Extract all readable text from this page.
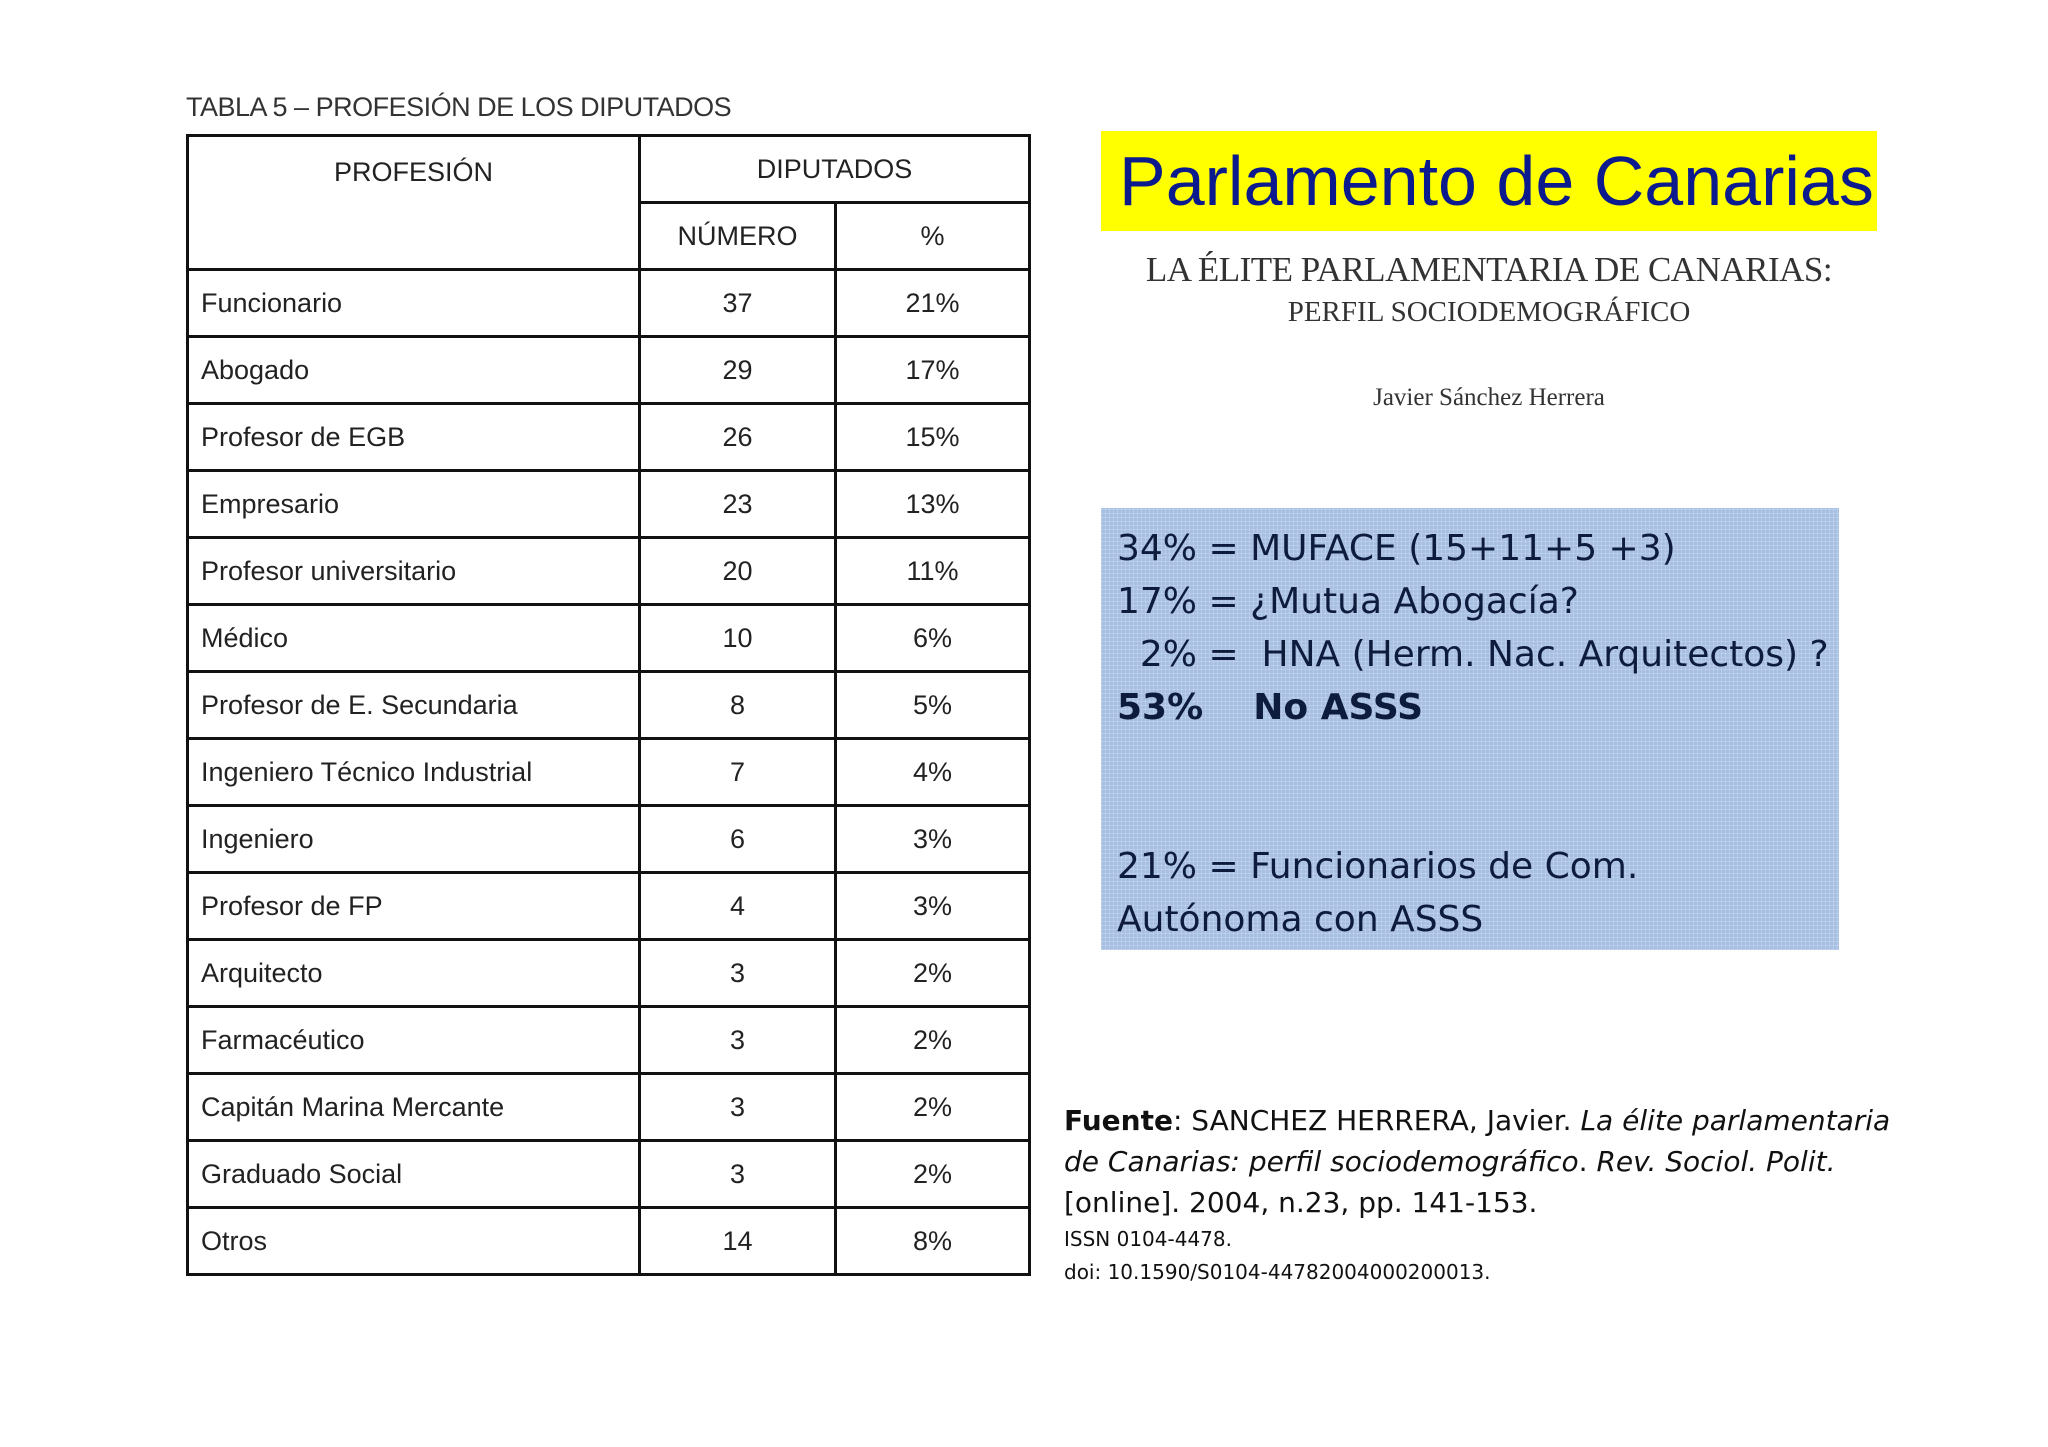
TABLA 5 – PROFESIÓN DE LOS DIPUTADOS
PROFESIÓN	DIPUTADOS	
	NÚMERO	%
Funcionario	37	21%
Abogado	29	17%
Profesor de EGB	26	15%
Empresario	23	13%
Profesor universitario	20	11%
Médico	10	6%
Profesor de E. Secundaria	8	5%
Ingeniero Técnico Industrial	7	4%
Ingeniero	6	3%
Profesor de FP	4	3%
Arquitecto	3	2%
Farmacéutico	3	2%
Capitán Marina Mercante	3	2%
Graduado Social	3	2%
Otros	14	8%
Parlamento de Canarias
LA ÉLITE PARLAMENTARIA DE CANARIAS:
PERFIL SOCIODEMOGRÁFICO
Javier Sánchez Herrera
34% = MUFACE (15+11+5 +3)
17% = ¿Mutua Abogacía?
2% =  HNA (Herm. Nac. Arquitectos) ?
53%    No ASSS
21% = Funcionarios de Com.
Autónoma con ASSS
Fuente: SANCHEZ HERRERA, Javier. La élite parlamentaria
de Canarias: perfil sociodemográfico. Rev. Sociol. Polit.
[online]. 2004, n.23, pp. 141-153.
ISSN 0104-4478.
doi: 10.1590/S0104-44782004000200013.
